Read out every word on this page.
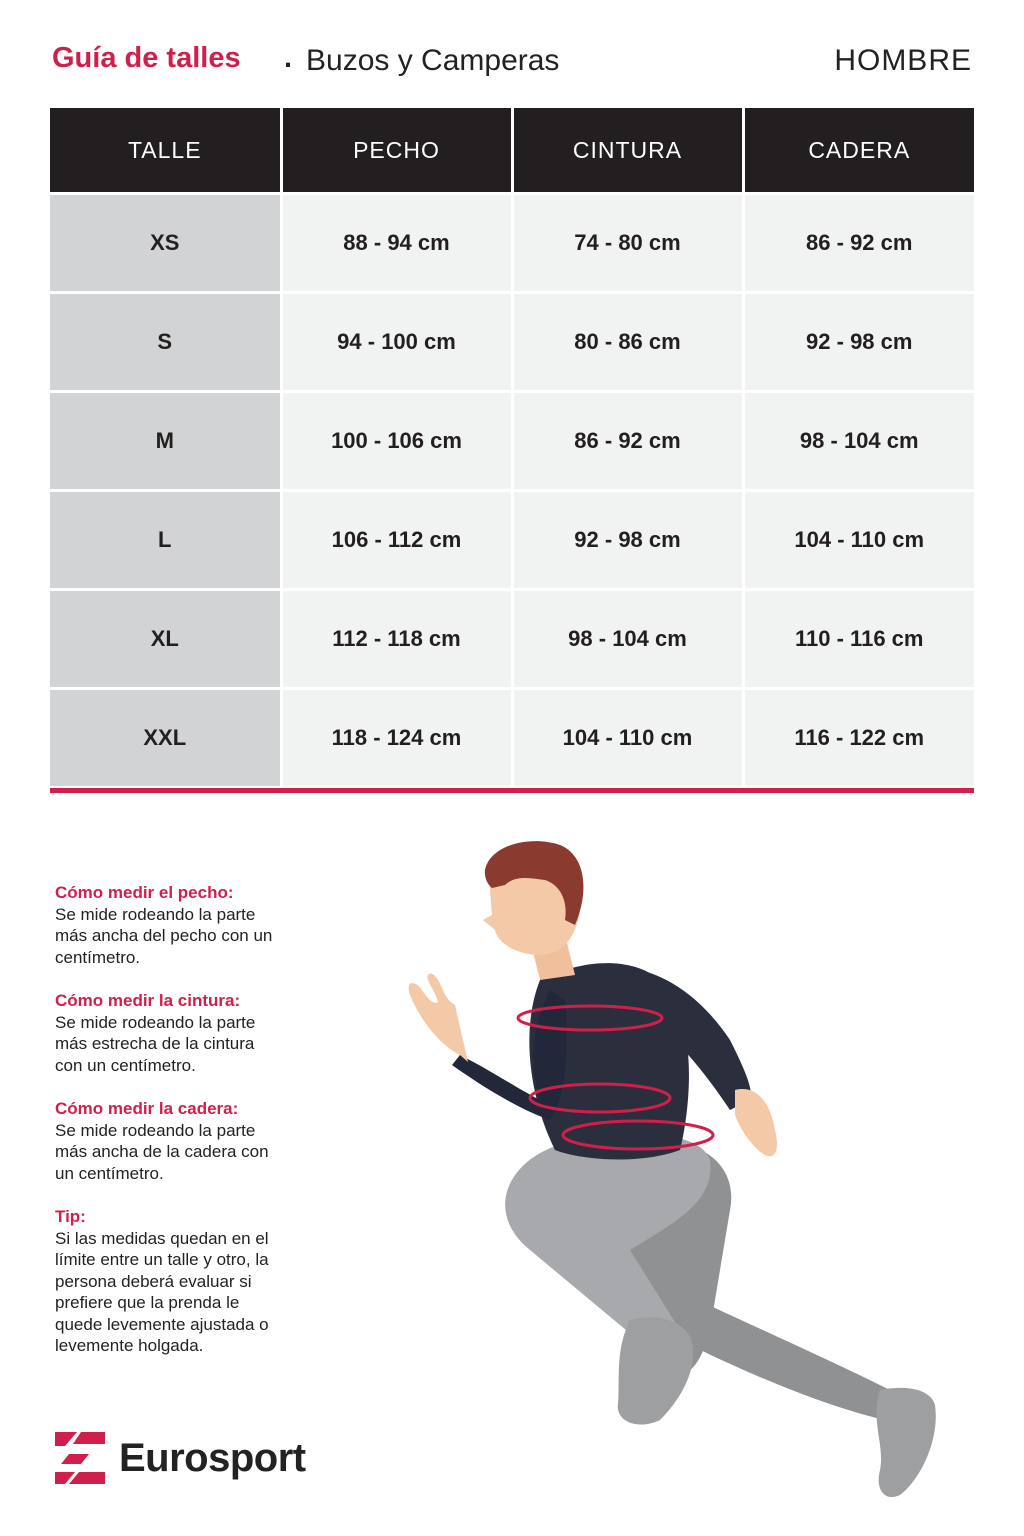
Guía de talles . Buzos y Camperas	HOMBRE
TALLE	PECHO	CINTURA	CADERA
XS	88 - 94 cm	74 - 80 cm	86 - 92 cm
S	94 - 100 cm	80 - 86 cm	92 - 98 cm
M	100 - 106 cm	86 - 92 cm	98 - 104 cm
L	106 - 112 cm	92 - 98 cm	104 - 110 cm
XL	112 - 118 cm	98 - 104 cm	110 - 116 cm
XXL	118 - 124 cm	104 - 110 cm	116 - 122 cm
Cómo medir el pecho:
Se mide rodeando la parte
más ancha del pecho con un
centímetro.
Cómo medir la cintura:
Se mide rodeando la parte
más estrecha de la cintura
con un centímetro.
Cómo medir la cadera:
Se mide rodeando la parte
más ancha de la cadera con
un centímetro.
Tip:
Si las medidas quedan en el
límite entre un talle y otro, la
persona deberá evaluar si
prefiere que la prenda le
quede levemente ajustada o
levemente holgada.
Eurosport
